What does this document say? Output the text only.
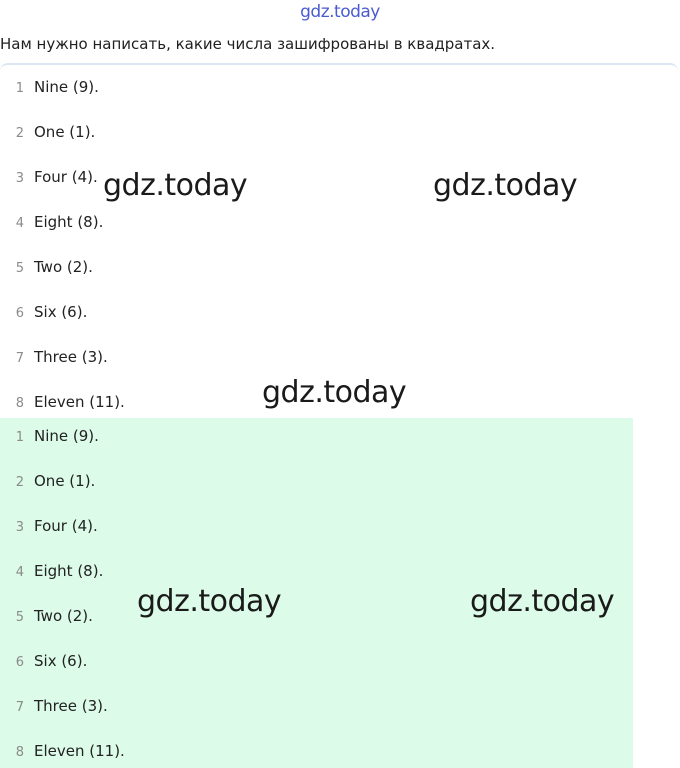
gdz.today
Нам нужно написать, какие числа зашифрованы в квадратах.
1 Nine (9).
2 One (1).
3 Four (4).
4 Eight (8).
5 Two (2).
6 Six (6).
7 Three (3).
8 Eleven (11).
1 Nine (9).
2 One (1).
3 Four (4).
4 Eight (8).
5 Two (2).
6 Six (6).
7 Three (3).
8 Eleven (11).
gdz.today	gdz.today
gdz.today
gdz.today	gdz.today
